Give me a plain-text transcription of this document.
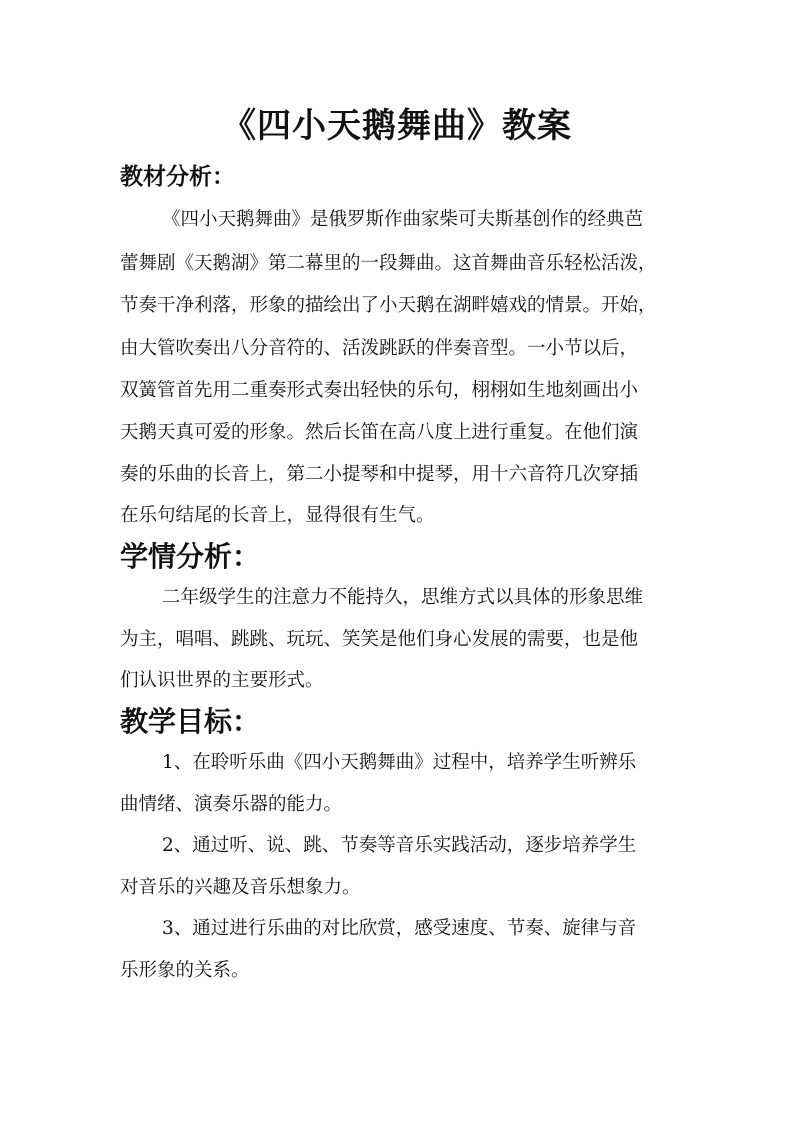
《四小天鹅舞曲》教案
教材分析：
《四小天鹅舞曲》是俄罗斯作曲家柴可夫斯基创作的经典芭
蕾舞剧《天鹅湖》第二幕里的一段舞曲。这首舞曲音乐轻松活泼，
节奏干净利落，形象的描绘出了小天鹅在湖畔嬉戏的情景。开始，
由大管吹奏出八分音符的、活泼跳跃的伴奏音型。一小节以后，
双簧管首先用二重奏形式奏出轻快的乐句，栩栩如生地刻画出小
天鹅天真可爱的形象。然后长笛在高八度上进行重复。在他们演
奏的乐曲的长音上，第二小提琴和中提琴，用十六音符几次穿插
在乐句结尾的长音上，显得很有生气。
学情分析：
二年级学生的注意力不能持久，思维方式以具体的形象思维
为主，唱唱、跳跳、玩玩、笑笑是他们身心发展的需要，也是他
们认识世界的主要形式。
教学目标：
1、在聆听乐曲《四小天鹅舞曲》过程中，培养学生听辨乐
曲情绪、演奏乐器的能力。
2、通过听、说、跳、节奏等音乐实践活动，逐步培养学生
对音乐的兴趣及音乐想象力。
3、通过进行乐曲的对比欣赏，感受速度、节奏、旋律与音
乐形象的关系。
